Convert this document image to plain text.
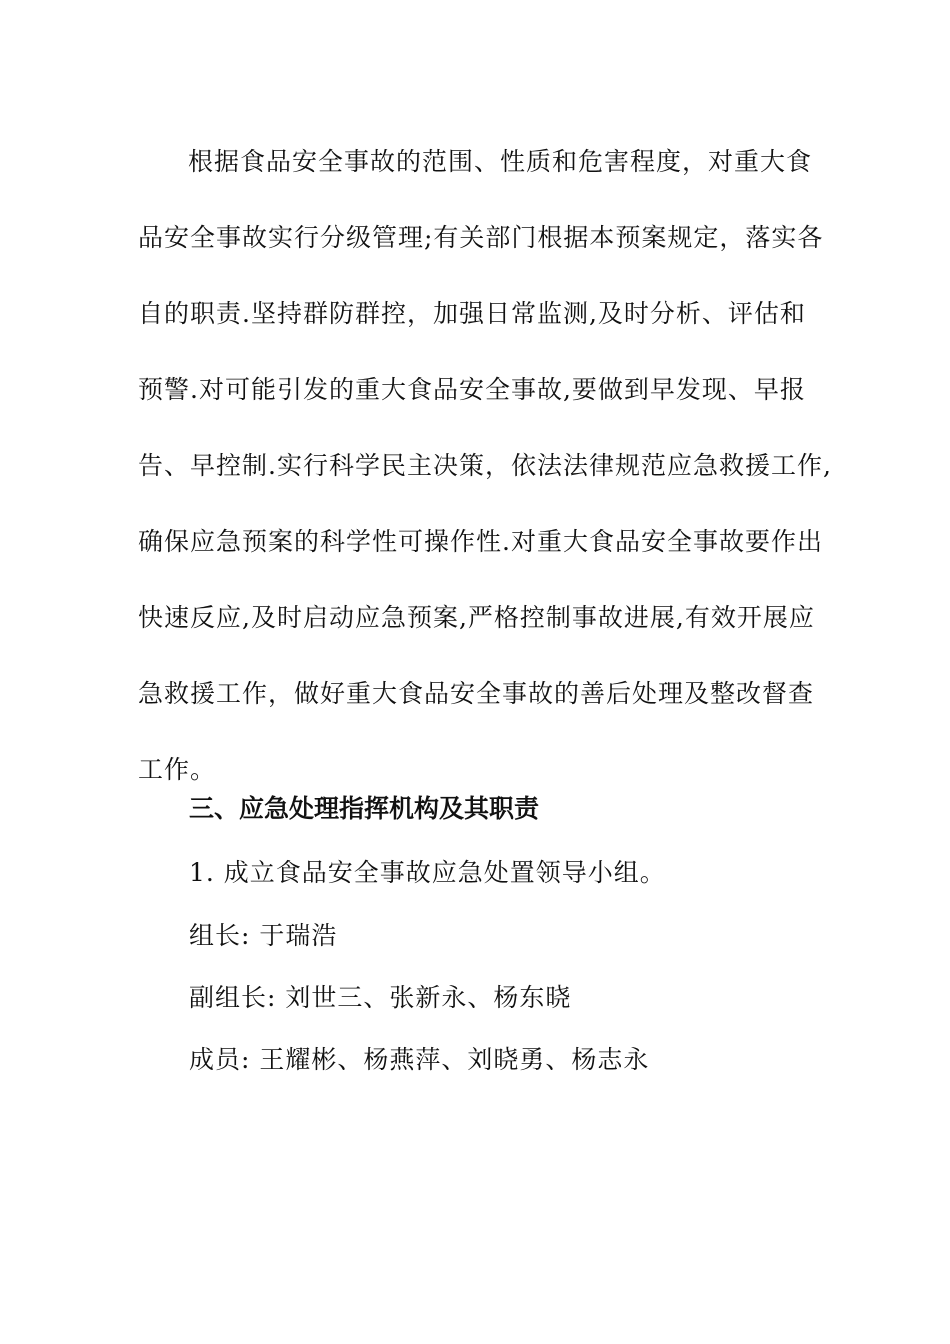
根据食品安全事故的范围、性质和危害程度，对重大食
品安全事故实行分级管理;有关部门根据本预案规定，落实各
自的职责.坚持群防群控，加强日常监测,及时分析、评估和
预警.对可能引发的重大食品安全事故,要做到早发现、早报
告、早控制.实行科学民主决策，依法法律规范应急救援工作,
确保应急预案的科学性可操作性.对重大食品安全事故要作出
快速反应,及时启动应急预案,严格控制事故进展,有效开展应
急救援工作，做好重大食品安全事故的善后处理及整改督查
工作。
三、应急处理指挥机构及其职责

1. 成立食品安全事故应急处置领导小组。

组长: 于瑞浩

副组长: 刘世三、张新永、杨东晓

成员: 王耀彬、杨燕萍、刘晓勇、杨志永
